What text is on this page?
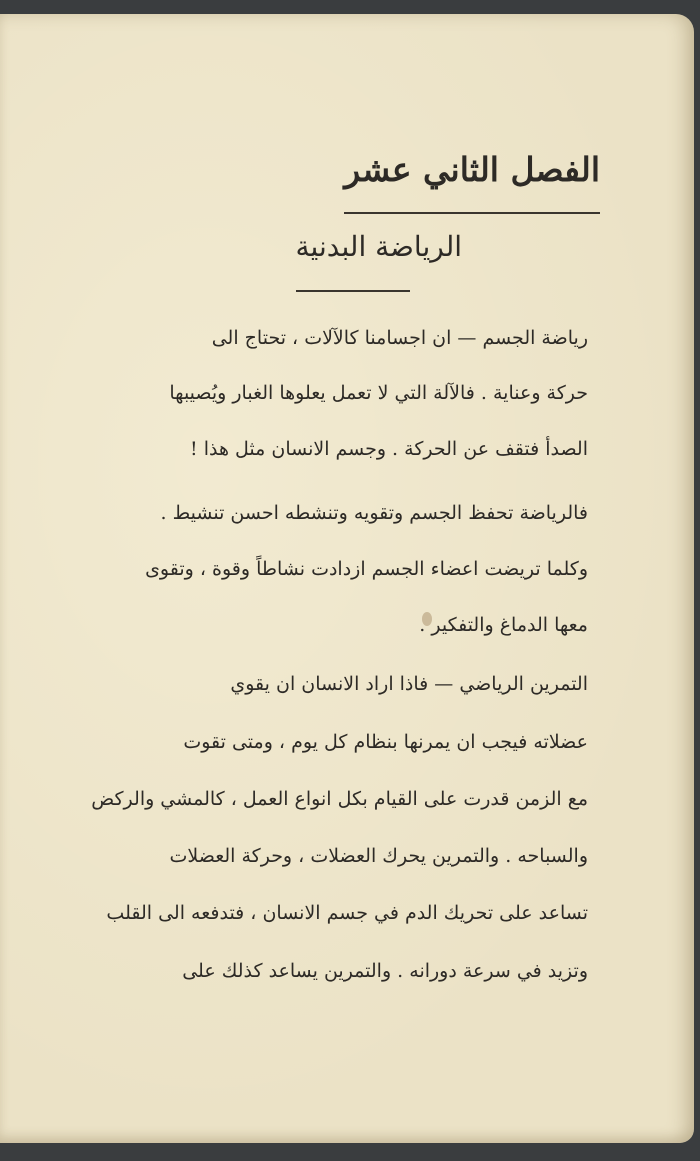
الفصل الثاني عشر
الرياضة البدنية
رياضة الجسم — ان اجسامنا كالآلات ، تحتاج الى
حركة وعناية . فالآلة التي لا تعمل يعلوها الغبار ويُصيبها
الصدأ فتقف عن الحركة . وجسم الانسان مثل هذا !
فالرياضة تحفظ الجسم وتقويه وتنشطه احسن تنشيط .
وكلما تريضت اعضاء الجسم ازدادت نشاطاً وقوة ، وتقوى
معها الدماغ والتفكير .
التمرين الرياضي — فاذا اراد الانسان ان يقوي
عضلاته فيجب ان يمرنها بنظام كل يوم ، ومتى تقوت
مع الزمن قدرت على القيام بكل انواع العمل ، كالمشي والركض
والسباحه . والتمرين يحرك العضلات ، وحركة العضلات
تساعد على تحريك الدم في جسم الانسان ، فتدفعه الى القلب
وتزيد في سرعة دورانه . والتمرين يساعد كذلك على
